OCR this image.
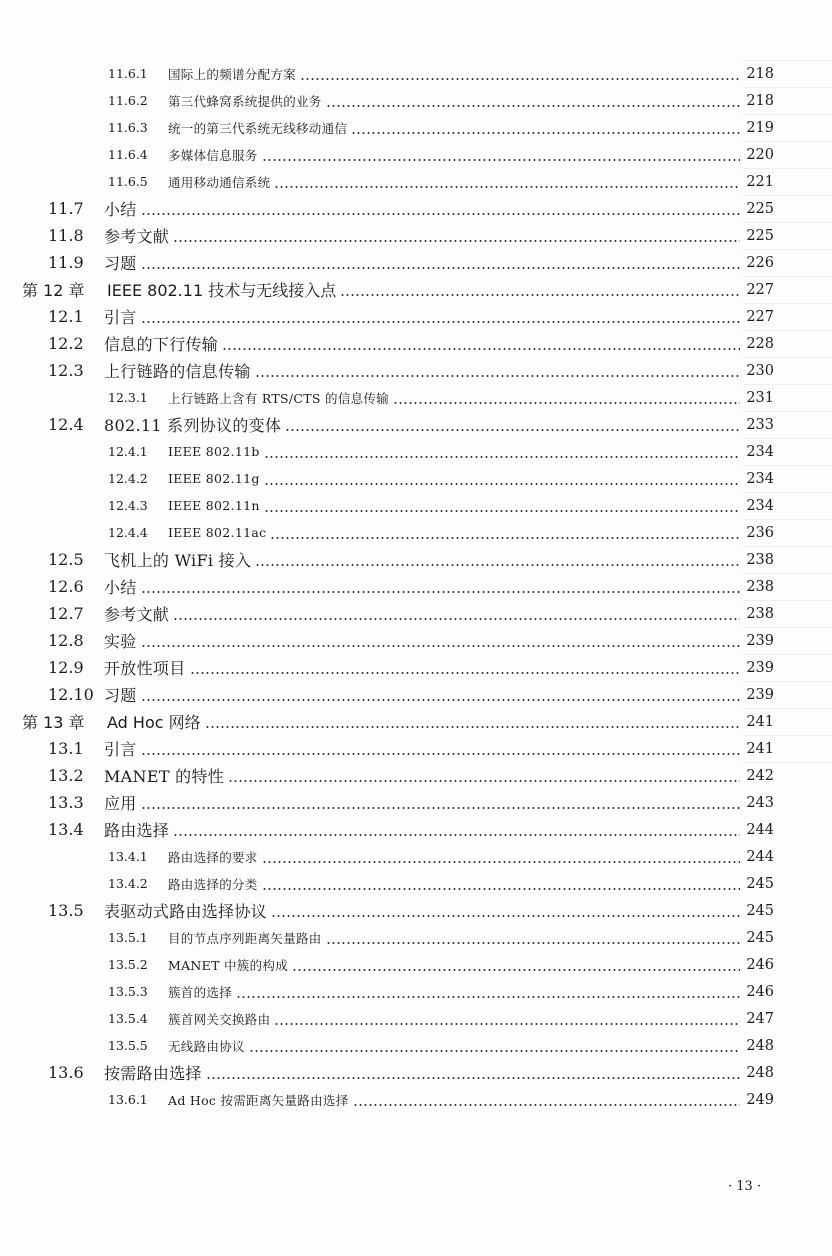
11.6.1	国际上的频谱分配方案	218
11.6.2	第三代蜂窝系统提供的业务	218
11.6.3	统一的第三代系统无线移动通信	219
11.6.4	多媒体信息服务	220
11.6.5	通用移动通信系统	221
11.7	小结	225
11.8	参考文献	225
11.9	习题	226
第 12 章	IEEE 802.11 技术与无线接入点	227
12.1	引言	227
12.2	信息的下行传输	228
12.3	上行链路的信息传输	230
12.3.1	上行链路上含有 RTS/CTS 的信息传输	231
12.4	802.11 系列协议的变体	233
12.4.1	IEEE 802.11b	234
12.4.2	IEEE 802.11g	234
12.4.3	IEEE 802.11n	234
12.4.4	IEEE 802.11ac	236
12.5	飞机上的 WiFi 接入	238
12.6	小结	238
12.7	参考文献	238
12.8	实验	239
12.9	开放性项目	239
12.10 习题	239
第 13 章	Ad Hoc 网络	241
13.1	引言	241
13.2	MANET 的特性	242
13.3	应用	243
13.4	路由选择	244
13.4.1	路由选择的要求	244
13.4.2	路由选择的分类	245
13.5	表驱动式路由选择协议	245
13.5.1	目的节点序列距离矢量路由	245
13.5.2	MANET 中簇的构成	246
13.5.3	簇首的选择	246
13.5.4	簇首网关交换路由	247
13.5.5	无线路由协议	248
13.6	按需路由选择	248
13.6.1	Ad Hoc 按需距离矢量路由选择	249
· 13 ·
